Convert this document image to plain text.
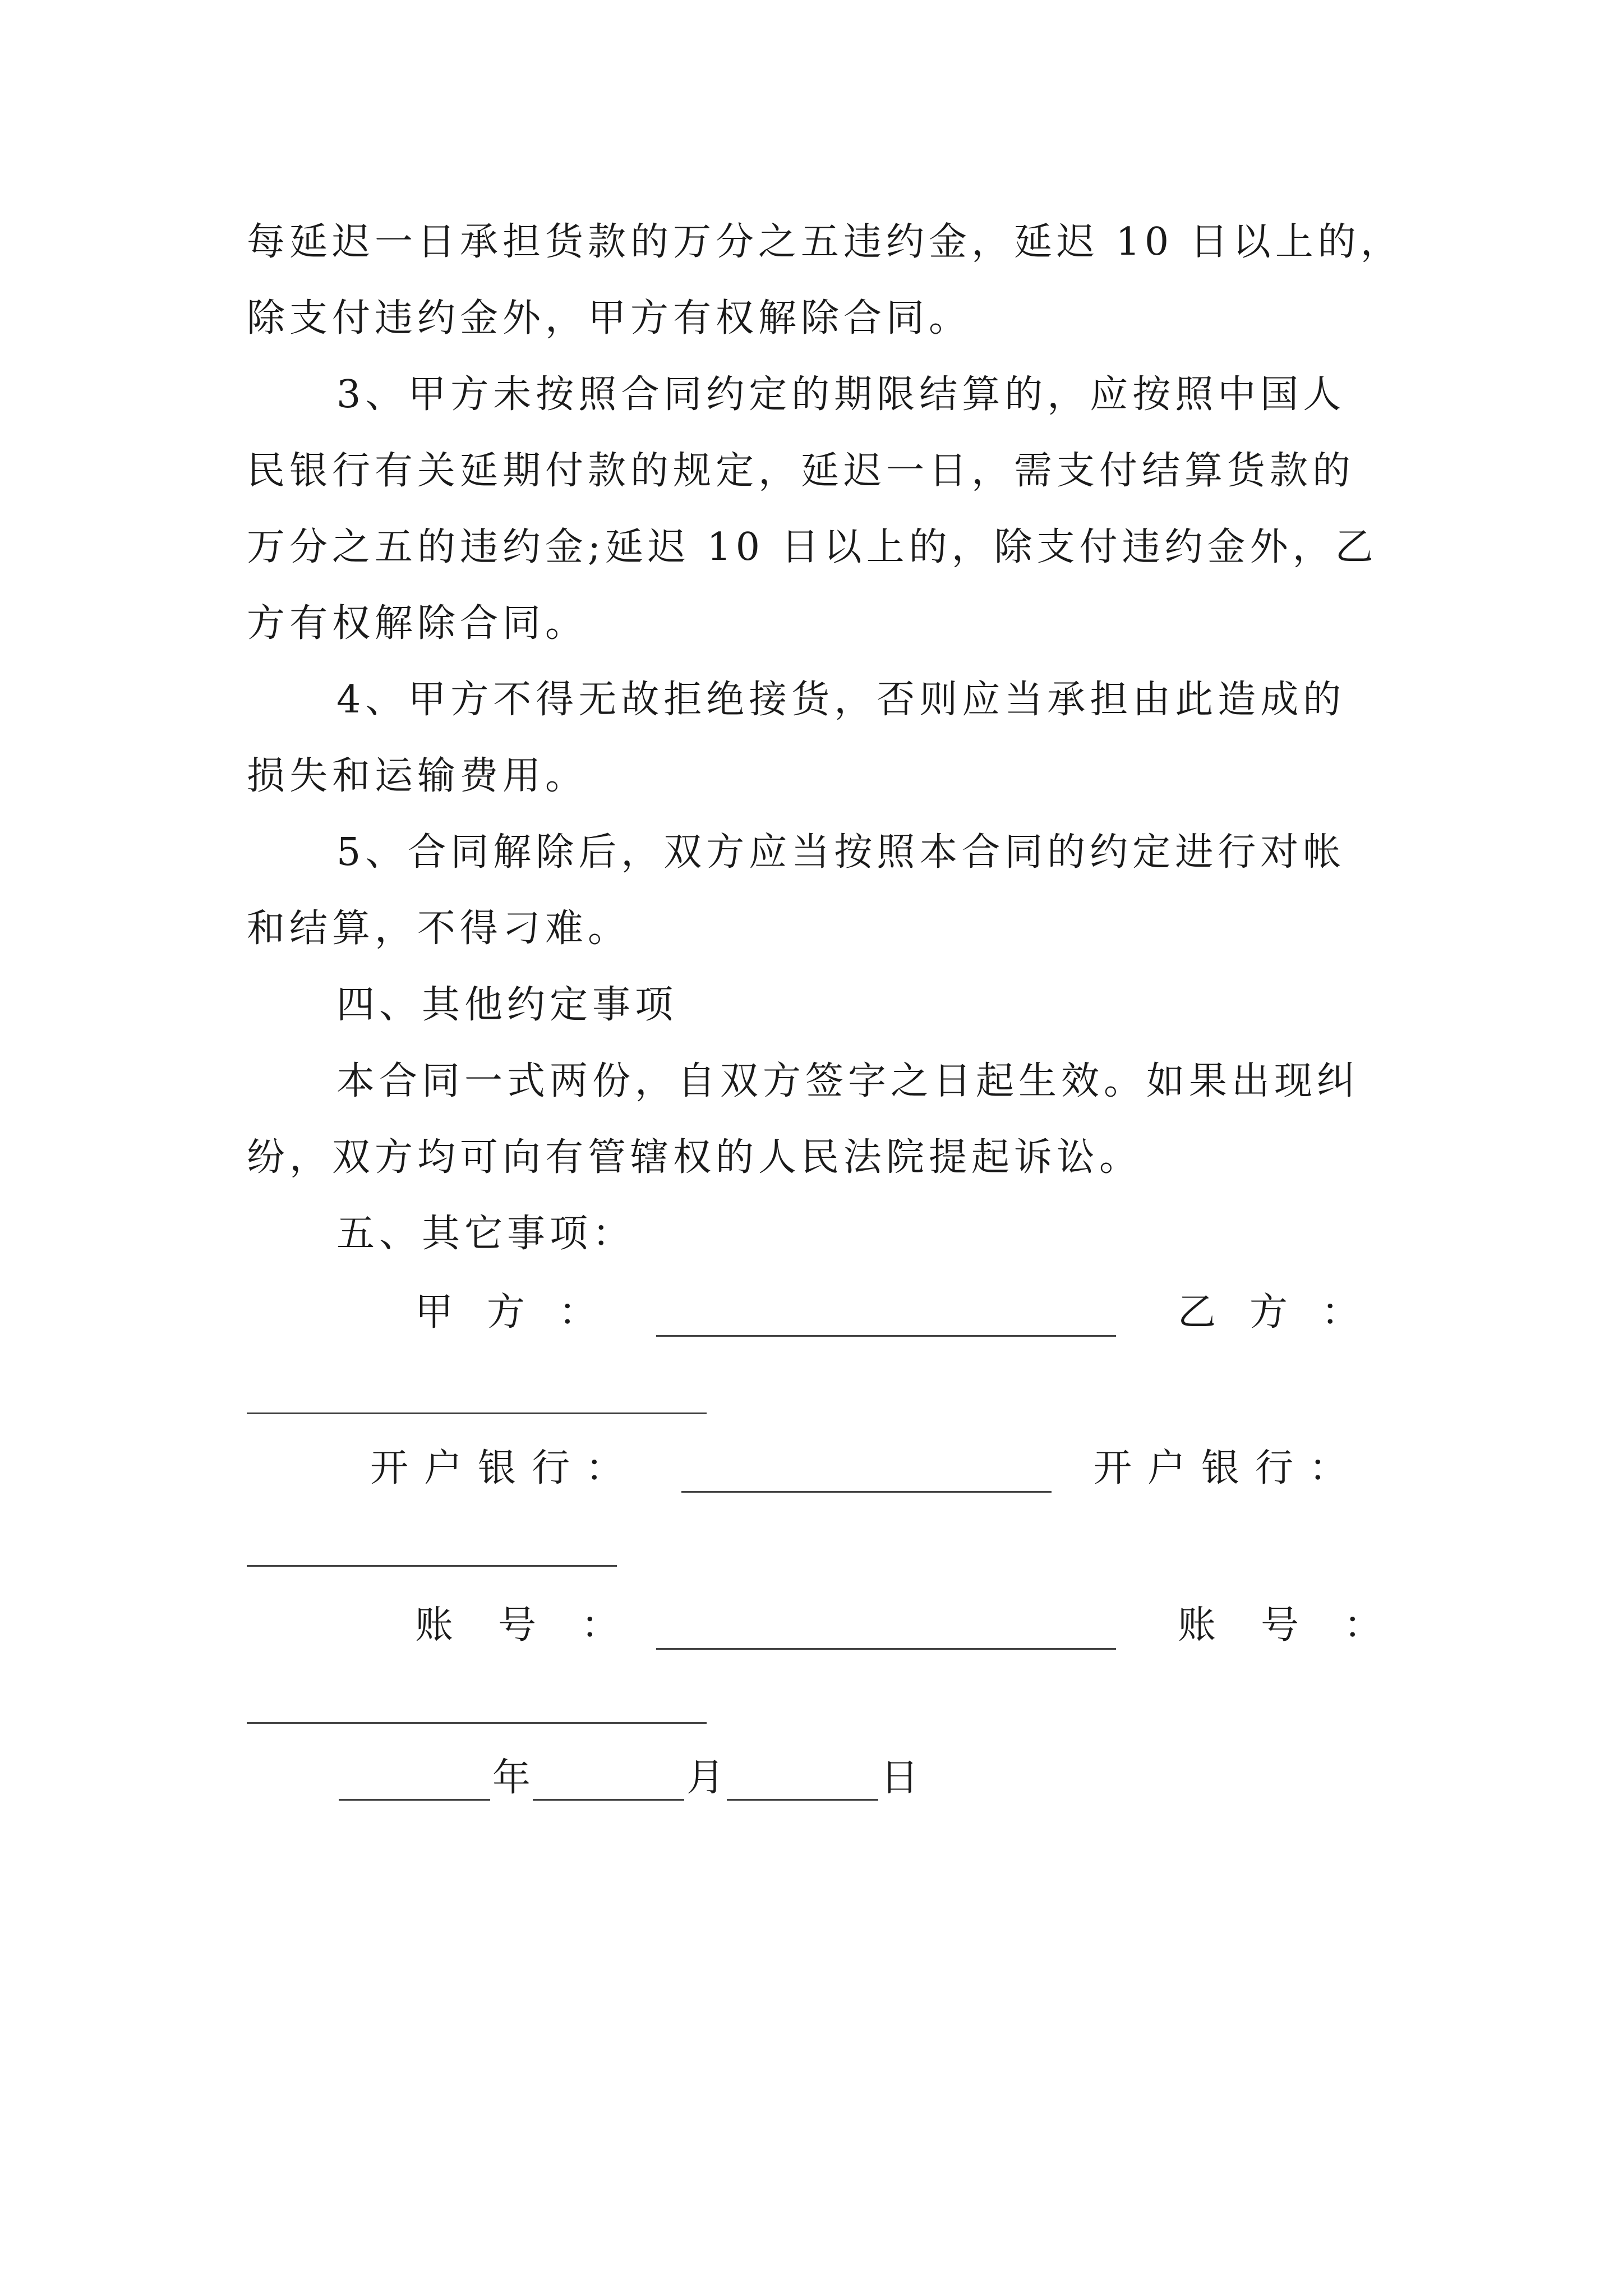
每延迟一日承担货款的万分之五违约金，延迟 10 日以上的，
除支付违约金外，甲方有权解除合同。
3、甲方未按照合同约定的期限结算的，应按照中国人
民银行有关延期付款的规定，延迟一日，需支付结算货款的
万分之五的违约金;延迟 10 日以上的，除支付违约金外，乙
方有权解除合同。
4、甲方不得无故拒绝接货，否则应当承担由此造成的
损失和运输费用。
5、合同解除后，双方应当按照本合同的约定进行对帐
和结算，不得刁难。
四、其他约定事项
本合同一式两份，自双方签字之日起生效。如果出现纠
纷，双方均可向有管辖权的人民法院提起诉讼。
五、其它事项：
甲方：	乙方：
开户银行：	开户银行：
账号：	账号：
年	月	日
